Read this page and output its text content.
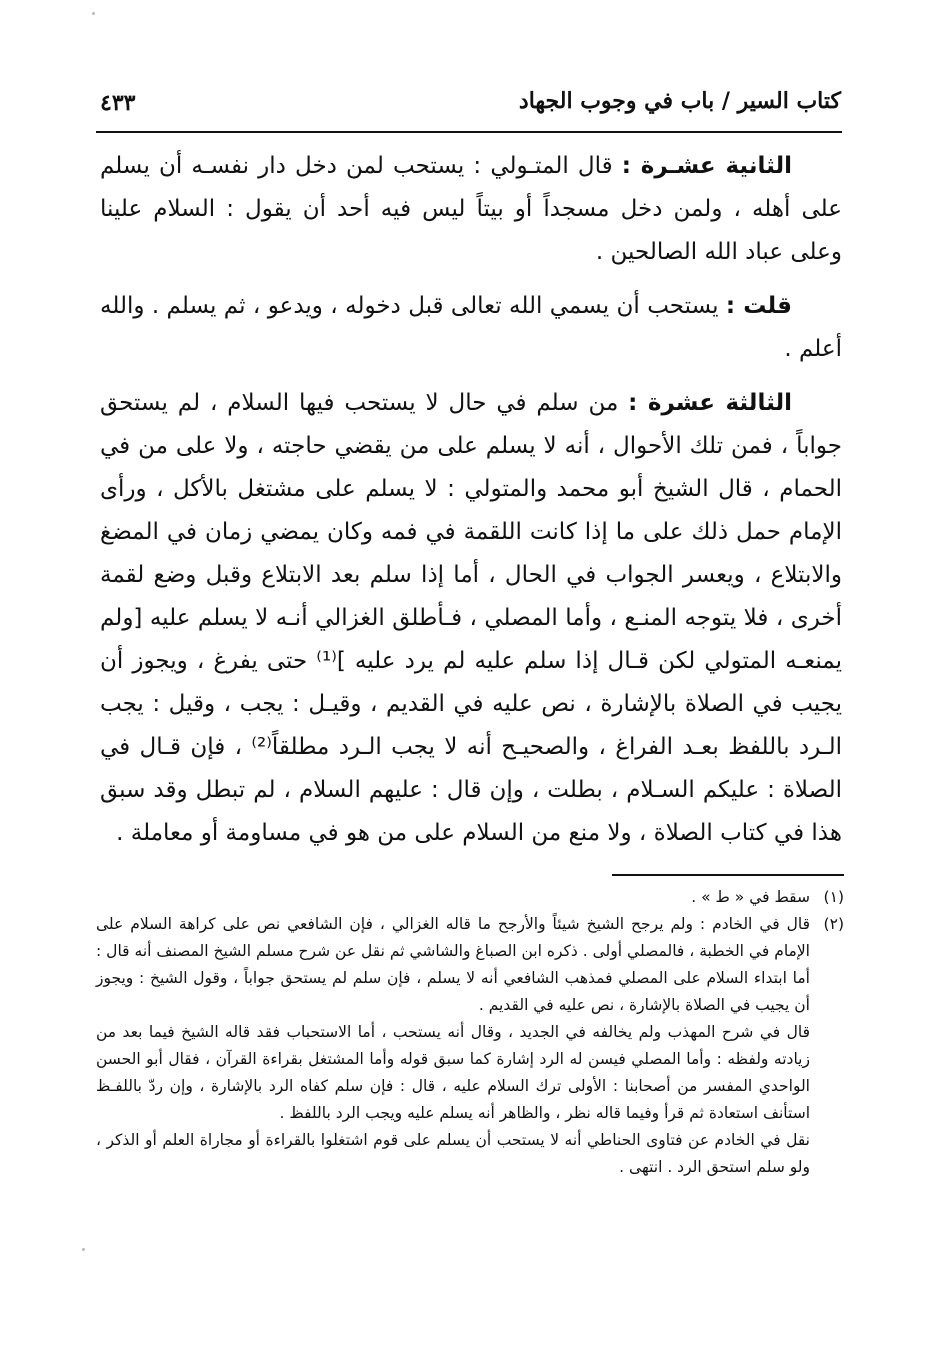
كتاب السير / باب في وجوب الجهاد
٤٣٣

الثانية عشـرة : قال المتـولي : يستحب لمن دخل دار نفسـه أن يسلم على أهله ، ولمن دخل مسجداً أو بيتاً ليس فيه أحد أن يقول : السلام علينا وعلى عباد الله الصالحين .

قلت : يستحب أن يسمي الله تعالى قبل دخوله ، ويدعو ، ثم يسلم . والله أعلم .

الثالثة عشرة : من سلم في حال لا يستحب فيها السلام ، لم يستحق جواباً ، فمن تلك الأحوال ، أنه لا يسلم على من يقضي حاجته ، ولا على من في الحمام ، قال الشيخ أبو محمد والمتولي : لا يسلم على مشتغل بالأكل ، ورأى الإمام حمل ذلك على ما إذا كانت اللقمة في فمه وكان يمضي زمان في المضغ والابتلاع ، ويعسر الجواب في الحال ، أما إذا سلم بعد الابتلاع وقبل وضع لقمة أخرى ، فلا يتوجه المنـع ، وأما المصلي ، فـأطلق الغزالي أنـه لا يسلم عليه [ولم يمنعـه المتولي لكن قـال إذا سلم عليه لم يرد عليه ]⁽¹⁾ حتى يفرغ ، ويجوز أن يجيب في الصلاة بالإشارة ، نص عليه في القديم ، وقيـل : يجب ، وقيل : يجب الـرد باللفظ بعـد الفراغ ، والصحيـح أنه لا يجب الـرد مطلقاً⁽²⁾ ، فإن قـال في الصلاة : عليكم السـلام ، بطلت ، وإن قال : عليهم السلام ، لم تبطل وقد سبق هذا في كتاب الصلاة ، ولا منع من السلام على من هو في مساومة أو معاملة .

(١)

سقط في « ط » .

(٢)

قال في الخادم : ولم يرجح الشيخ شيئاً والأرجح ما قاله الغزالي ، فإن الشافعي نص على كراهة السلام على الإمام في الخطبة ، فالمصلي أولى . ذكره ابن الصباغ والشاشي ثم نقل عن شرح مسلم الشيخ المصنف أنه قال : أما ابتداء السلام على المصلي فمذهب الشافعي أنه لا يسلم ، فإن سلم لم يستحق جواباً ، وقول الشيخ : ويجوز أن يجيب في الصلاة بالإشارة ، نص عليه في القديم .

قال في شرح المهذب ولم يخالفه في الجديد ، وقال أنه يستحب ، أما الاستحباب فقد قاله الشيخ فيما بعد من زيادته ولفظه : وأما المصلي فيسن له الرد إشارة كما سبق قوله وأما المشتغل بقراءة القرآن ، فقال أبو الحسن الواحدي المفسر من أصحابنا : الأولى ترك السلام عليه ، قال : فإن سلم كفاه الرد بالإشارة ، وإن ردّ باللفـظ استأنف استعادة ثم قرأ وفيما قاله نظر ، والظاهر أنه يسلم عليه ويجب الرد باللفظ .

نقل في الخادم عن فتاوى الحناطي أنه لا يستحب أن يسلم على قوم اشتغلوا بالقراءة أو مجاراة العلم أو الذكر ، ولو سلم استحق الرد . انتهى .
